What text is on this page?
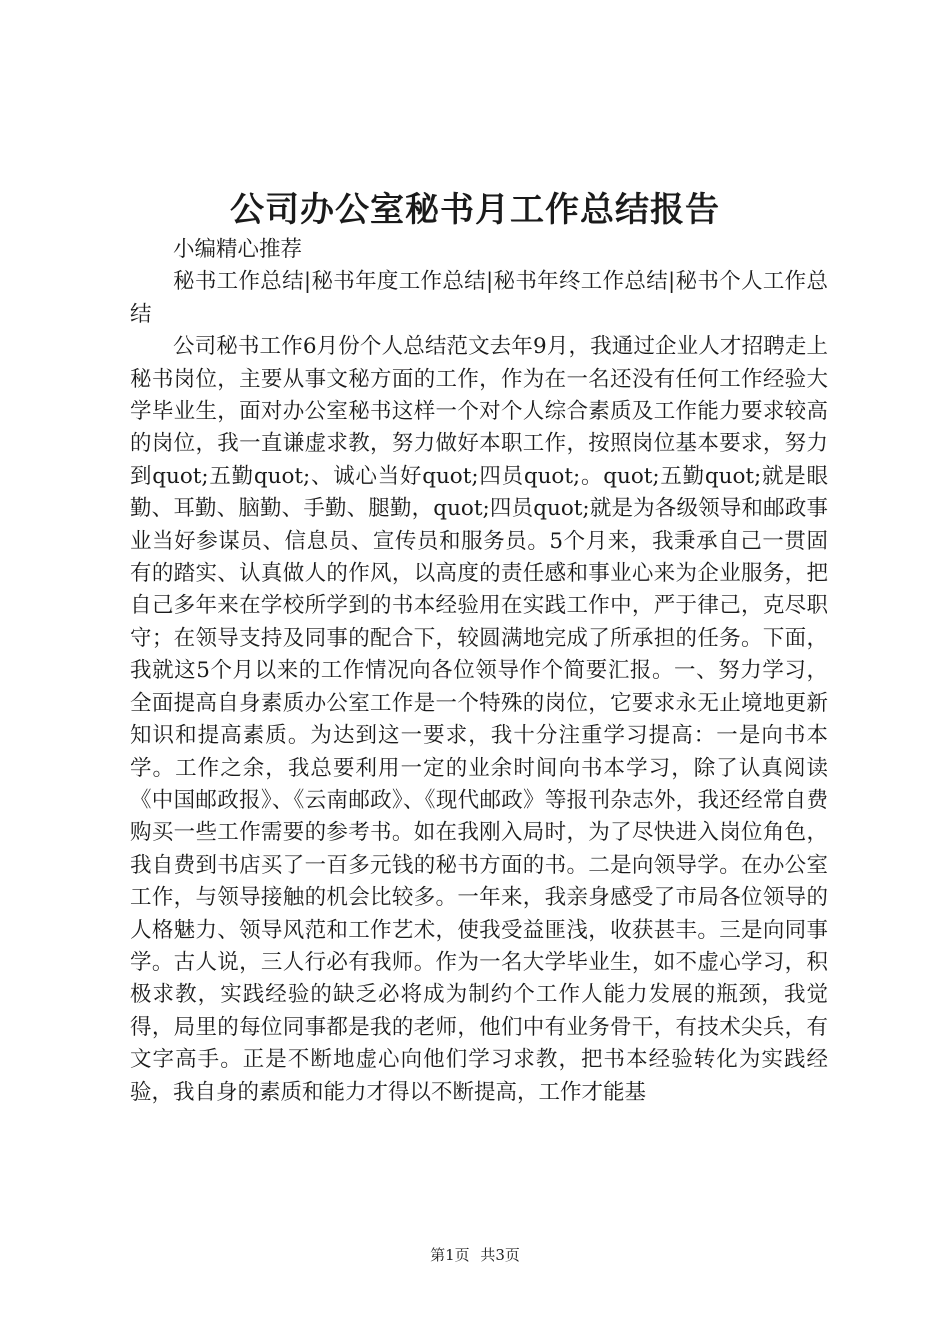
公司办公室秘书月工作总结报告

小编精心推荐

秘书工作总结|秘书年度工作总结|秘书年终工作总结|秘书个人工作总结

公司秘书工作6月份个人总结范文去年9月，我通过企业人才招聘走上秘书岗位，主要从事文秘方面的工作，作为在一名还没有任何工作经验大学毕业生，面对办公室秘书这样一个对个人综合素质及工作能力要求较高的岗位，我一直谦虚求教，努力做好本职工作，按照岗位基本要求，努力到quot;五勤quot;、诚心当好quot;四员quot;。quot;五勤quot;就是眼勤、耳勤、脑勤、手勤、腿勤，quot;四员quot;就是为各级领导和邮政事业当好参谋员、信息员、宣传员和服务员。5个月来，我秉承自己一贯固有的踏实、认真做人的作风，以高度的责任感和事业心来为企业服务，把自己多年来在学校所学到的书本经验用在实践工作中，严于律己，克尽职守；在领导支持及同事的配合下，较圆满地完成了所承担的任务。下面，我就这5个月以来的工作情况向各位领导作个简要汇报。一、努力学习，全面提高自身素质办公室工作是一个特殊的岗位，它要求永无止境地更新知识和提高素质。为达到这一要求，我十分注重学习提高：一是向书本学。工作之余，我总要利用一定的业余时间向书本学习，除了认真阅读《中国邮政报》、《云南邮政》、《现代邮政》等报刊杂志外，我还经常自费购买一些工作需要的参考书。如在我刚入局时，为了尽快进入岗位角色，我自费到书店买了一百多元钱的秘书方面的书。二是向领导学。在办公室工作，与领导接触的机会比较多。一年来，我亲身感受了市局各位领导的人格魅力、领导风范和工作艺术，使我受益匪浅，收获甚丰。三是向同事学。古人说，三人行必有我师。作为一名大学毕业生，如不虚心学习，积极求教，实践经验的缺乏必将成为制约个工作人能力发展的瓶颈，我觉得，局里的每位同事都是我的老师，他们中有业务骨干，有技术尖兵，有文字高手。正是不断地虚心向他们学习求教，把书本经验转化为实践经验，我自身的素质和能力才得以不断提高，工作才能基

第1页 共3页
